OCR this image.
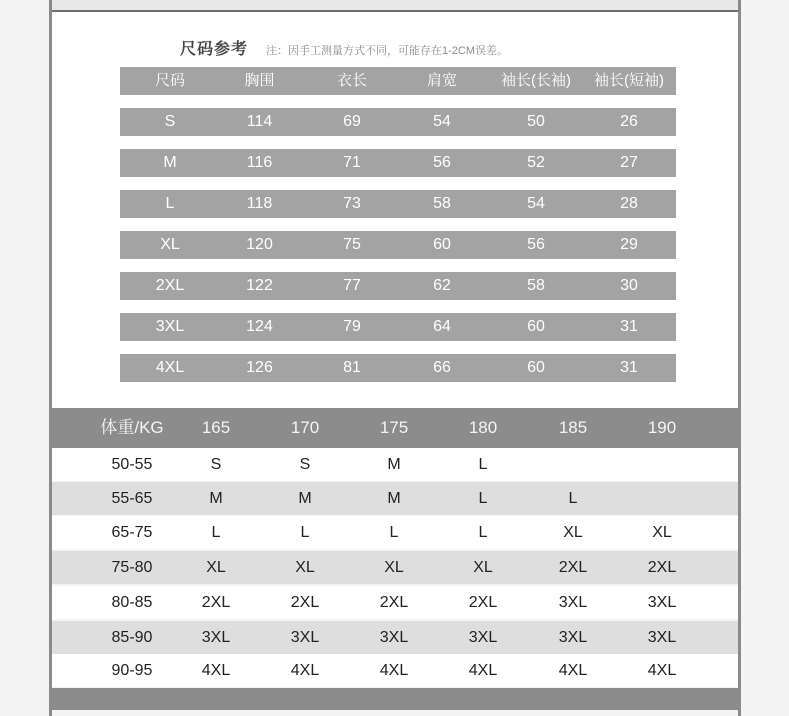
尺码参考 注：因手工测量方式不同，可能存在1-2CM误差。
尺码	胸围	衣长	肩宽	袖长(长袖)	袖长(短袖)
S	114	69	54	50	26
M	116	71	56	52	27
L	118	73	58	54	28
XL	120	75	60	56	29
2XL	122	77	62	58	30
3XL	124	79	64	60	31
4XL	126	81	66	60	31
体重/KG	165	170	175	180	185	190
50-55	S	S	M	L
55-65	M	M	M	L	L
65-75	L	L	L	L	XL	XL
75-80	XL	XL	XL	XL	2XL	2XL
80-85	2XL	2XL	2XL	2XL	3XL	3XL
85-90	3XL	3XL	3XL	3XL	3XL	3XL
90-95	4XL	4XL	4XL	4XL	4XL	4XL
